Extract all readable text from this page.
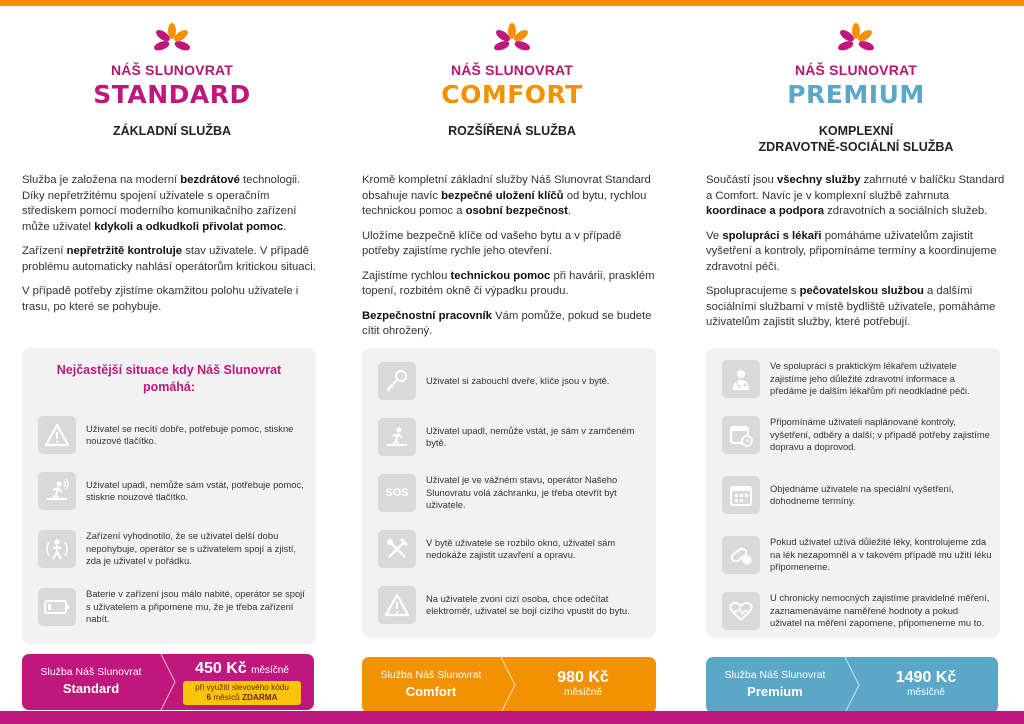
NÁŠ SLUNOVRAT
STANDARD
ZÁKLADNÍ SLUŽBA

Služba je založena na moderní bezdrátové technologii. Díky nepřetržitému spojení uživatele s operačním střediskem pomocí moderního komunikačního zařízení může uživatel kdykoli a odkudkoli přivolat pomoc.

Zařízení nepřetržitě kontroluje stav uživatele. V případě problému automaticky nahlásí operátorům kritickou situaci.

V případě potřeby zjistíme okamžitou polohu uživatele i trasu, po které se pohybuje.

Nejčastější situace kdy Náš Slunovrat pomáhá:
Uživatel se necítí dobře, potřebuje pomoc, stiskne nouzové tlačítko.
Uživatel upadl, nemůže sám vstát, potřebuje pomoc, stiskne nouzové tlačítko.
Zařízení vyhodnotilo, že se uživatel delší dobu nepohybuje, operátor se s uživatelem spojí a zjistí, zda je uživatel v pořádku.
Baterie v zařízení jsou málo nabité, operátor se spojí s uživatelem a připomene mu, že je třeba zařízení nabít.
Služba Náš Slunovrat
Standard
450 Kč měsíčně
při využití slevového kódu
6 měsíců ZDARMA
NÁŠ SLUNOVRAT
COMFORT
ROZŠÍŘENÁ SLUŽBA

Kromě kompletní základní služby Náš Slunovrat Standard obsahuje navíc bezpečné uložení klíčů od bytu, rychlou technickou pomoc a osobní bezpečnost.

Uložíme bezpečně klíče od vašeho bytu a v případě potřeby zajistíme rychle jeho otevření.

Zajistíme rychlou technickou pomoc při havárii, prasklém topení, rozbitém okně či výpadku proudu.

Bezpečnostní pracovník Vám pomůže, pokud se budete cítit ohrožený.

Uživatel si zabouchl dveře, klíče jsou v bytě.
Uživatel upadl, nemůže vstát, je sám v zamčeném bytě.
SOS
Uživatel je ve vážném stavu, operátor Našeho Slunovratu volá záchranku, je třeba otevřít byt uživatele.
V bytě uživatele se rozbilo okno, uživatel sám nedokáže zajistit uzavření a opravu.
Na uživatele zvoní cizí osoba, chce odečítat elektroměr, uživatel se bojí cizího vpustit do bytu.
Služba Náš Slunovrat
Comfort
980 Kč
měsíčně
NÁŠ SLUNOVRAT
PREMIUM
KOMPLEXNÍ
ZDRAVOTNĚ-SOCIÁLNÍ SLUŽBA

Součástí jsou všechny služby zahrnuté v balíčku Standard a Comfort. Navíc je v komplexní službě zahrnuta koordinace a podpora zdravotních a sociálních služeb.

Ve spolupráci s lékaři pomáháme uživatelům zajistit vyšetření a kontroly, připomínáme termíny a koordinujeme zdravotní péči.

Spolupracujeme s pečovatelskou službou a dalšími sociálními službami v místě bydliště uživatele, pomáháme uživatelům zajistit služby, které potřebují.

Ve spolupráci s praktickým lékařem uživatele zajistíme jeho důležité zdravotní informace a předáme je dalším lékařům při neodkladné péči.
Připomínáme uživateli naplánované kontroly, vyšetření, odběry a další; v případě potřeby zajistíme dopravu a doprovod.
Objednáme uživatele na speciální vyšetření, dohodneme termíny.
Pokud uživatel užívá důležité léky, kontrolujeme zda na lék nezapomněl a v takovém případě mu užití léku připomeneme.
U chronicky nemocných zajistíme pravidelné měření, zaznamenáváme naměřené hodnoty a pokud uživatel na měření zapomene, připomeneme mu to.
Služba Náš Slunovrat
Premium
1490 Kč
měsíčně
